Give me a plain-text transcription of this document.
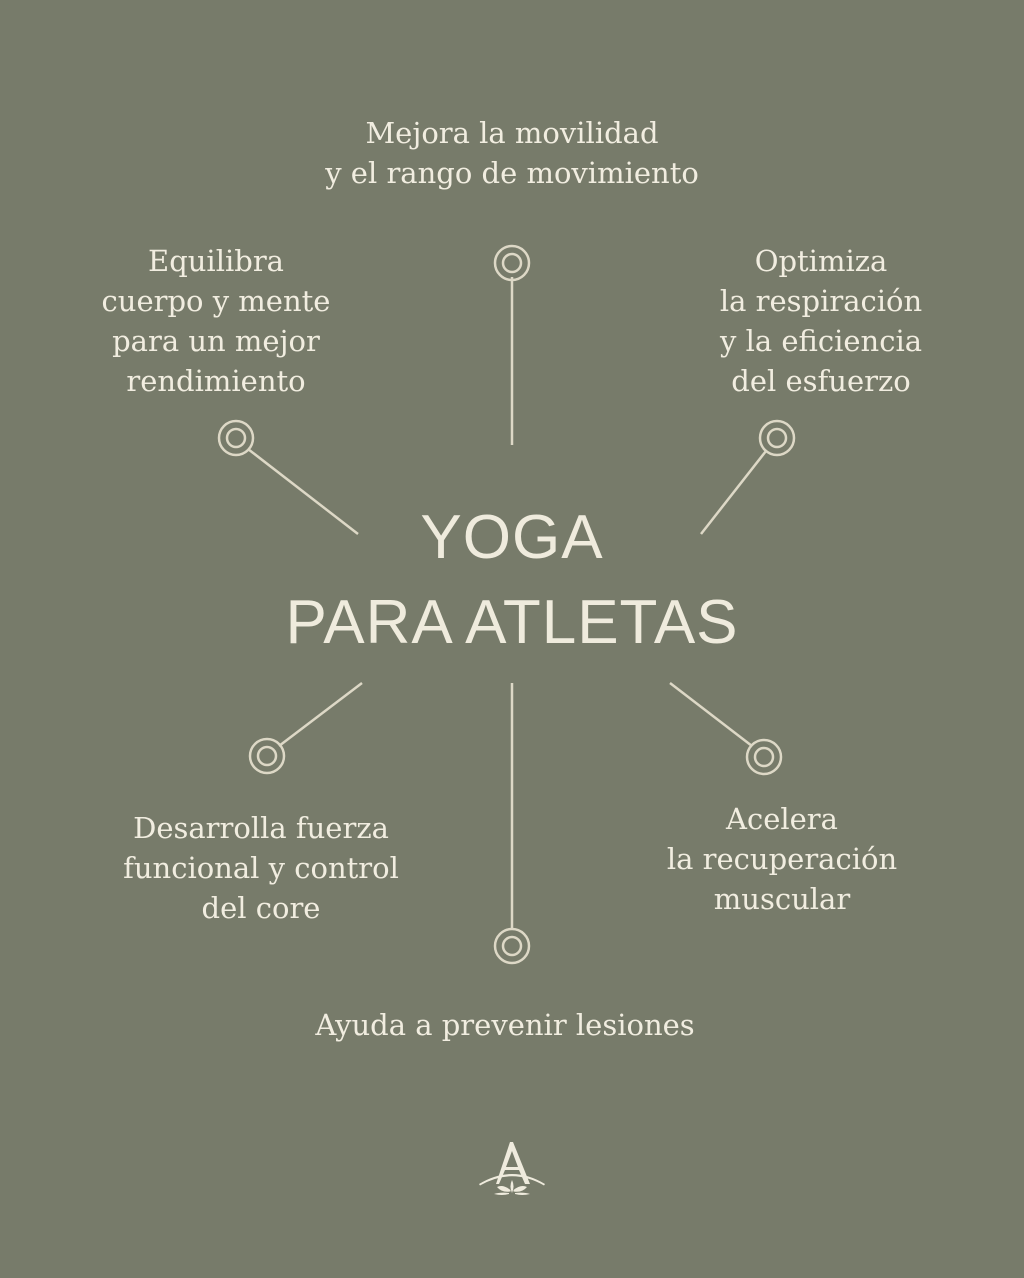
Mejora la movilidad
y el rango de movimiento
Equilibra
cuerpo y mente
para un mejor
rendimiento
Optimiza
la respiración
y la eficiencia
del esfuerzo
YOGA
PARA ATLETAS
Desarrolla fuerza
funcional y control
del core
Acelera
la recuperación
muscular
Ayuda a prevenir lesiones
